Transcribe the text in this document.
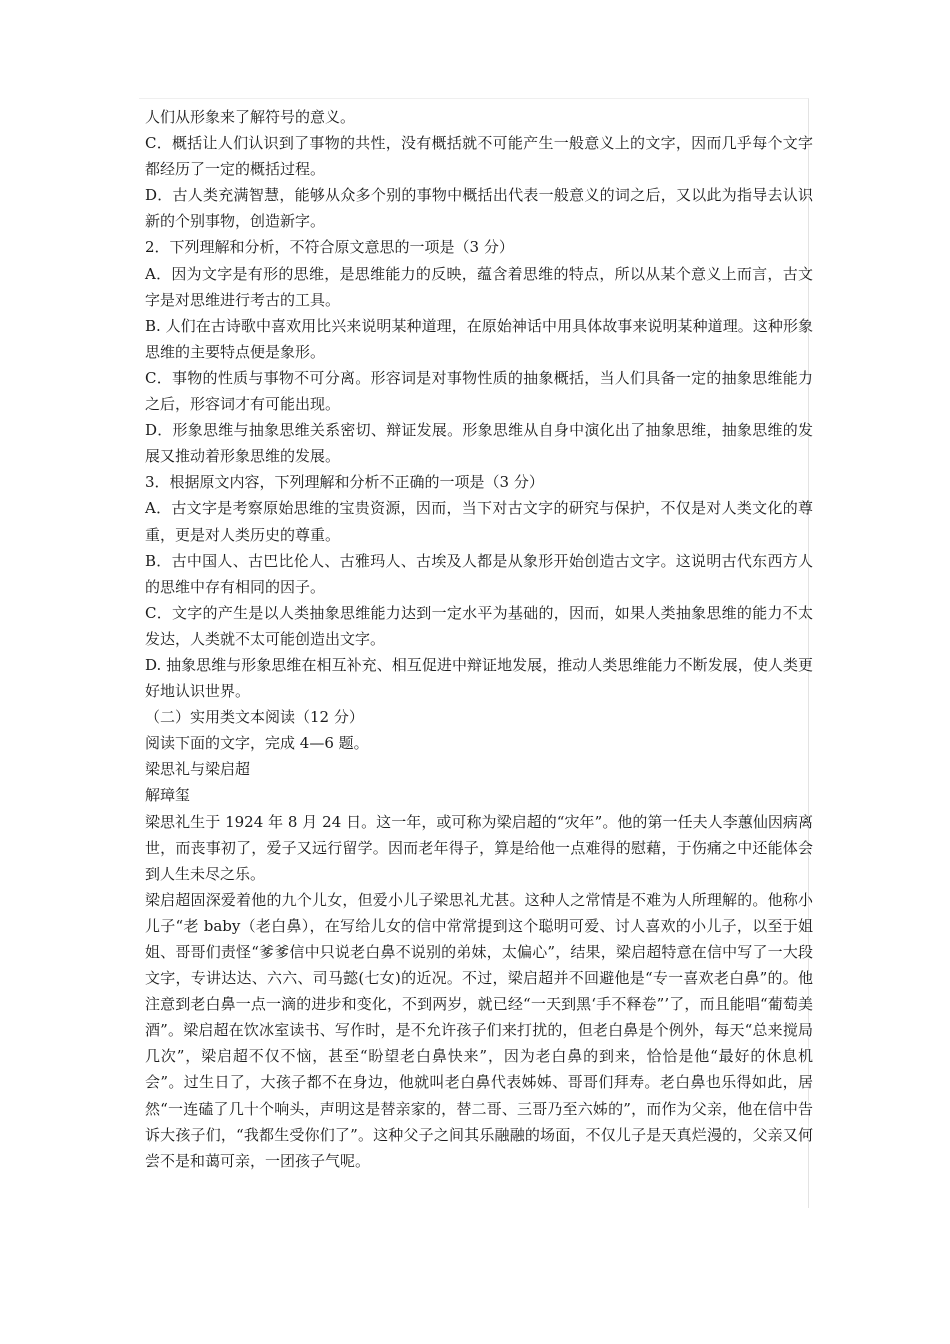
人们从形象来了解符号的意义。

C．概括让人们认识到了事物的共性，没有概括就不可能产生一般意义上的文字，因而几乎每个文字都经历了一定的概括过程。

D．古人类充满智慧，能够从众多个别的事物中概括出代表一般意义的词之后，又以此为指导去认识新的个别事物，创造新字。

2．下列理解和分析，不符合原文意思的一项是（3 分）

A．因为文字是有形的思维，是思维能力的反映，蕴含着思维的特点，所以从某个意义上而言，古文字是对思维进行考古的工具。

B. 人们在古诗歌中喜欢用比兴来说明某种道理，在原始神话中用具体故事来说明某种道理。这种形象思维的主要特点便是象形。

C．事物的性质与事物不可分离。形容词是对事物性质的抽象概括，当人们具备一定的抽象思维能力之后，形容词才有可能出现。

D．形象思维与抽象思维关系密切、辩证发展。形象思维从自身中演化出了抽象思维，抽象思维的发展又推动着形象思维的发展。

3．根据原文内容，下列理解和分析不正确的一项是（3 分）

A．古文字是考察原始思维的宝贵资源，因而，当下对古文字的研究与保护，不仅是对人类文化的尊重，更是对人类历史的尊重。

B．古中国人、古巴比伦人、古雅玛人、古埃及人都是从象形开始创造古文字。这说明古代东西方人的思维中存有相同的因子。

C．文字的产生是以人类抽象思维能力达到一定水平为基础的，因而，如果人类抽象思维的能力不太发达，人类就不太可能创造出文字。

D. 抽象思维与形象思维在相互补充、相互促进中辩证地发展，推动人类思维能力不断发展，使人类更好地认识世界。

（二）实用类文本阅读（12 分）

阅读下面的文字，完成 4—6 题。

梁思礼与梁启超

解璋玺

梁思礼生于 1924 年 8 月 24 日。这一年，或可称为梁启超的“灾年”。他的第一任夫人李蕙仙因病离世，而丧事初了，爱子又远行留学。因而老年得子，算是给他一点难得的慰藉，于伤痛之中还能体会到人生未尽之乐。

梁启超固深爱着他的九个儿女，但爱小儿子梁思礼尤甚。这种人之常情是不难为人所理解的。他称小儿子“老 baby（老白鼻），在写给儿女的信中常常提到这个聪明可爱、讨人喜欢的小儿子，以至于姐姐、哥哥们责怪“爹爹信中只说老白鼻不说别的弟妹，太偏心”，结果，梁启超特意在信中写了一大段文字，专讲达达、六六、司马懿(七女)的近况。不过，梁启超并不回避他是“专一喜欢老白鼻”的。他注意到老白鼻一点一滴的进步和变化，不到两岁，就已经“一天到黑‘手不释卷”’了，而且能唱“葡萄美酒”。梁启超在饮冰室读书、写作时，是不允许孩子们来打扰的，但老白鼻是个例外，每天“总来搅局几次”，梁启超不仅不恼，甚至“盼望老白鼻快来”，因为老白鼻的到来，恰恰是他“最好的休息机会”。过生日了，大孩子都不在身边，他就叫老白鼻代表姊姊、哥哥们拜寿。老白鼻也乐得如此，居然“一连磕了几十个响头，声明这是替亲家的，替二哥、三哥乃至六姊的”，而作为父亲，他在信中告诉大孩子们，“我都生受你们了”。这种父子之间其乐融融的场面，不仅儿子是天真烂漫的，父亲又何尝不是和蔼可亲，一团孩子气呢。
